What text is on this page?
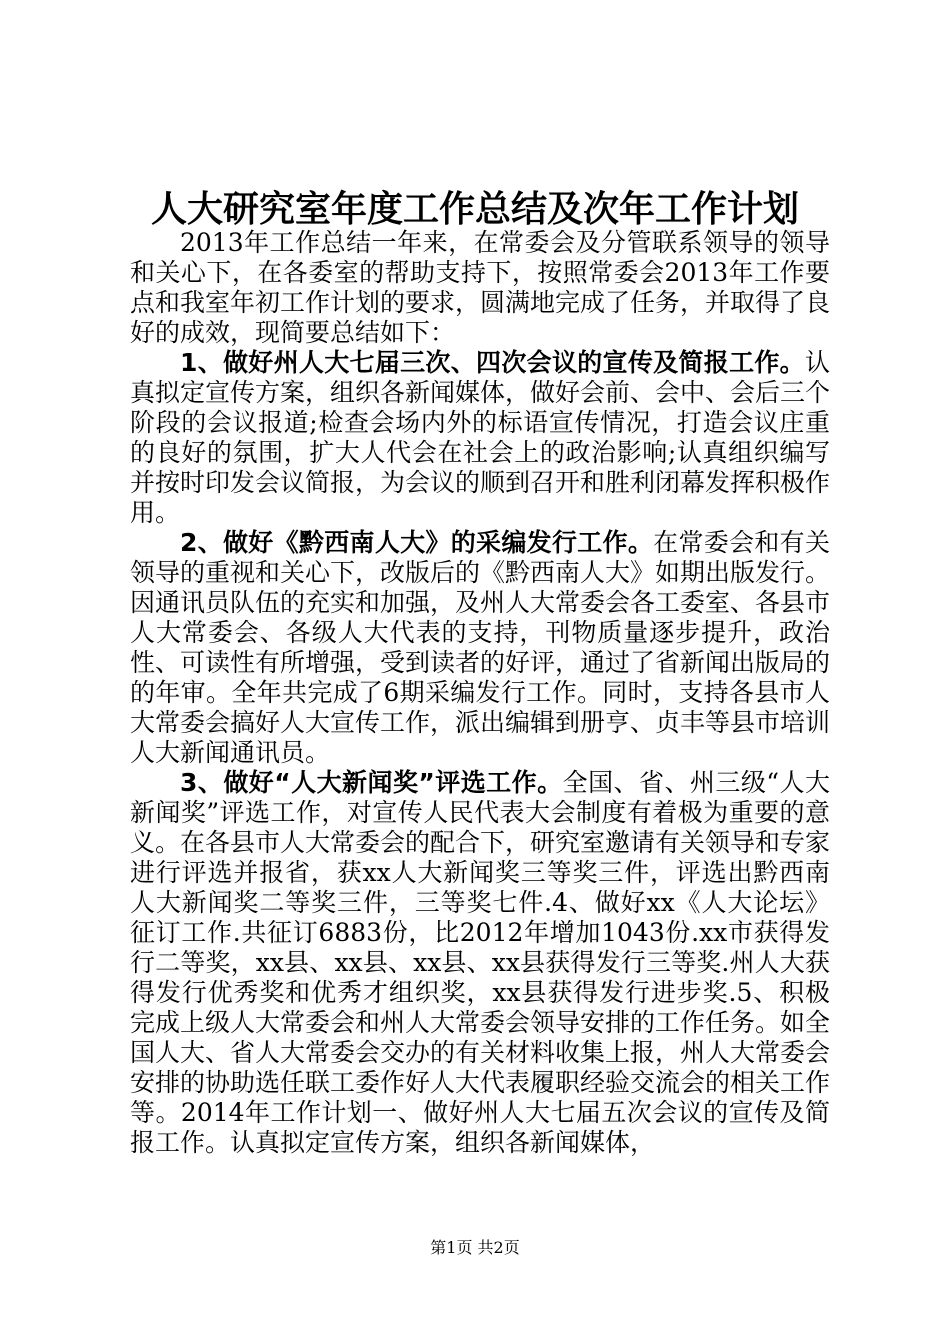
人大研究室年度工作总结及次年工作计划

2013年工作总结一年来，在常委会及分管联系领导的领导和关心下，在各委室的帮助支持下，按照常委会2013年工作要点和我室年初工作计划的要求，圆满地完成了任务，并取得了良好的成效，现简要总结如下：

1、做好州人大七届三次、四次会议的宣传及简报工作。认真拟定宣传方案，组织各新闻媒体，做好会前、会中、会后三个阶段的会议报道;检查会场内外的标语宣传情况，打造会议庄重的良好的氛围，扩大人代会在社会上的政治影响;认真组织编写并按时印发会议简报，为会议的顺到召开和胜利闭幕发挥积极作用。

2、做好《黔西南人大》的采编发行工作。在常委会和有关领导的重视和关心下，改版后的《黔西南人大》如期出版发行。因通讯员队伍的充实和加强，及州人大常委会各工委室、各县市人大常委会、各级人大代表的支持，刊物质量逐步提升，政治性、可读性有所增强，受到读者的好评，通过了省新闻出版局的的年审。全年共完成了6期采编发行工作。同时，支持各县市人大常委会搞好人大宣传工作，派出编辑到册亨、贞丰等县市培训人大新闻通讯员。

3、做好“人大新闻奖”评选工作。全国、省、州三级“人大新闻奖”评选工作，对宣传人民代表大会制度有着极为重要的意义。在各县市人大常委会的配合下，研究室邀请有关领导和专家进行评选并报省，获xx人大新闻奖三等奖三件，评选出黔西南人大新闻奖二等奖三件，三等奖七件.4、做好xx《人大论坛》征订工作.共征订6883份，比2012年增加1043份.xx市获得发行二等奖，xx县、xx县、xx县、xx县获得发行三等奖.州人大获得发行优秀奖和优秀才组织奖，xx县获得发行进步奖.5、积极完成上级人大常委会和州人大常委会领导安排的工作任务。如全国人大、省人大常委会交办的有关材料收集上报，州人大常委会安排的协助选任联工委作好人大代表履职经验交流会的相关工作等。2014年工作计划一、做好州人大七届五次会议的宣传及简报工作。认真拟定宣传方案，组织各新闻媒体，

第1页 共2页
